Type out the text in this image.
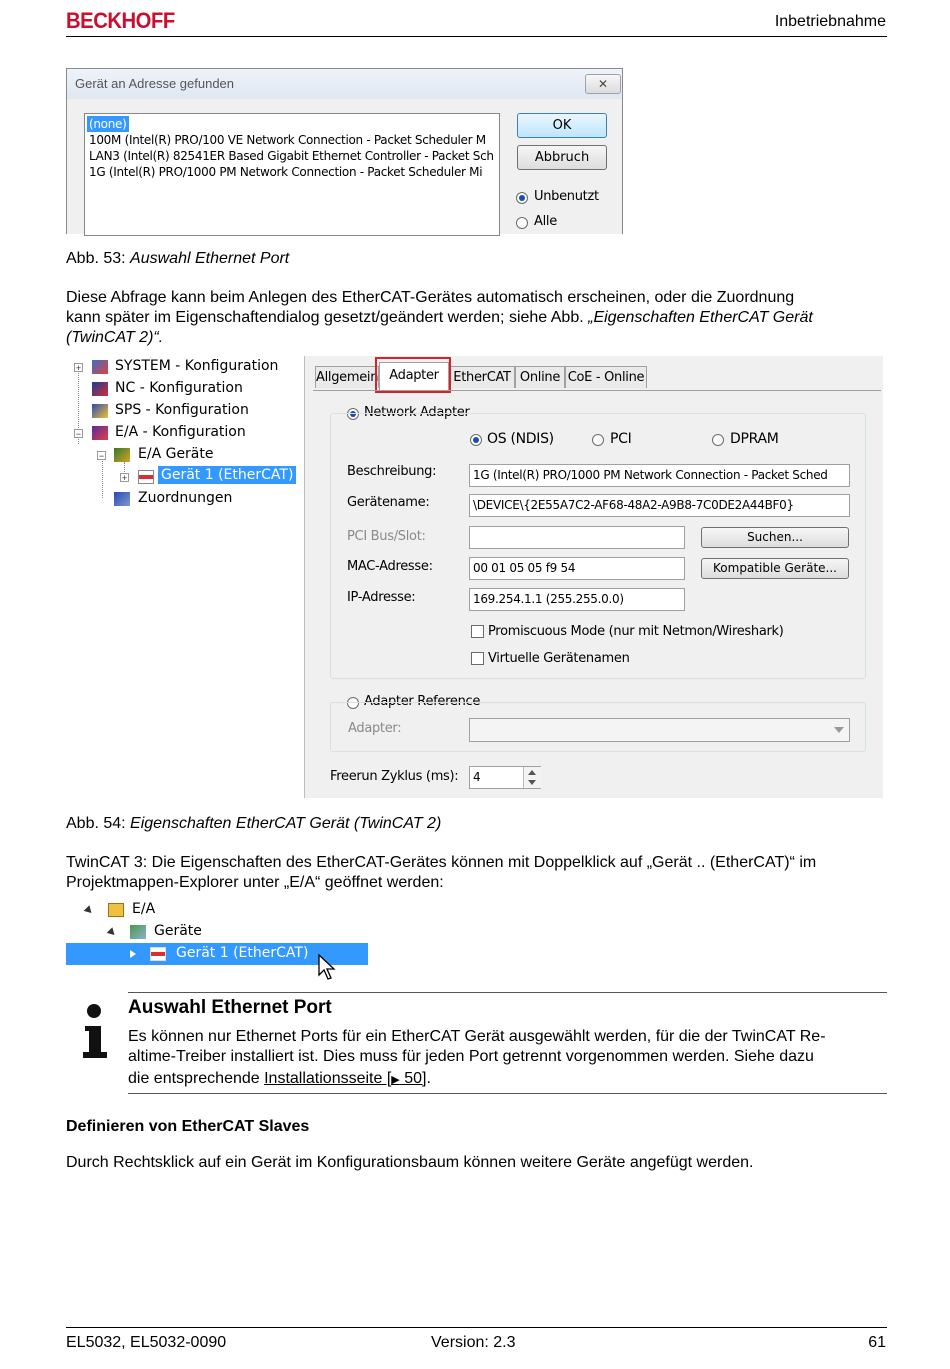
BECKHOFF	Inbetriebnahme
Gerät an Adresse gefunden	✕
(none)
100M (Intel(R) PRO/100 VE Network Connection - Packet Scheduler M
LAN3 (Intel(R) 82541ER Based Gigabit Ethernet Controller - Packet Sch
1G (Intel(R) PRO/1000 PM Network Connection - Packet Scheduler Mi
OK
Abbruch
Unbenutzt
Alle
Abb. 53: Auswahl Ethernet Port
Diese Abfrage kann beim Anlegen des EtherCAT-Gerätes automatisch erscheinen, oder die Zuordnung
kann später im Eigenschaftendialog gesetzt/geändert werden; siehe Abb. „Eigenschaften EtherCAT Gerät
(TwinCAT 2)“.
+ SYSTEM - Konfiguration
NC - Konfiguration
SPS - Konfiguration
− E/A - Konfiguration
− E/A Geräte
+ Gerät 1 (EtherCAT)
Zuordnungen
Allgemein Adapter	EtherCAT Online CoE - Online
Network Adapter
OS (NDIS)	PCI	DPRAM
Beschreibung:	1G (Intel(R) PRO/1000 PM Network Connection - Packet Sched
Gerätename:	\DEVICE\{2E55A7C2-AF68-48A2-A9B8-7C0DE2A44BF0}
PCI Bus/Slot:	Suchen...
MAC-Adresse:	00 01 05 05 f9 54	Kompatible Geräte...
IP-Adresse:	169.254.1.1 (255.255.0.0)
Promiscuous Mode (nur mit Netmon/Wireshark)
Virtuelle Gerätenamen
Adapter Reference
Adapter:
Freerun Zyklus (ms):	4
Abb. 54: Eigenschaften EtherCAT Gerät (TwinCAT 2)
TwinCAT 3: Die Eigenschaften des EtherCAT-Gerätes können mit Doppelklick auf „Gerät .. (EtherCAT)“ im
Projektmappen-Explorer unter „E/A“ geöffnet werden:
E/A
Geräte
Gerät 1 (EtherCAT)
Auswahl Ethernet Port
Es können nur Ethernet Ports für ein EtherCAT Gerät ausgewählt werden, für die der TwinCAT Re-
altime-Treiber installiert ist. Dies muss für jeden Port getrennt vorgenommen werden. Siehe dazu
die entsprechende Installationsseite [▶ 50].
Definieren von EtherCAT Slaves
Durch Rechtsklick auf ein Gerät im Konfigurationsbaum können weitere Geräte angefügt werden.
EL5032, EL5032-0090	Version: 2.3	61
